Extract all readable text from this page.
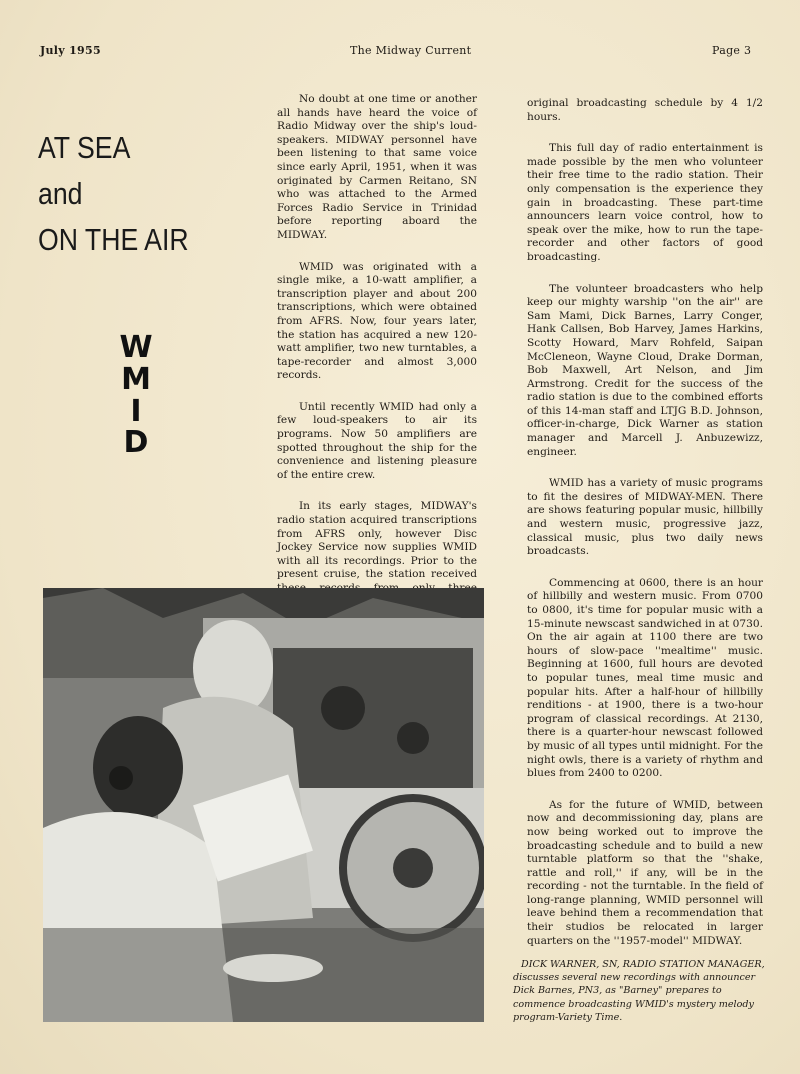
July 1955	The Midway Current	Page 3
AT SEA
and
ON THE AIR
W
M
I
D

No doubt at one time or another all hands have heard the voice of Radio Midway over the ship's loud-speakers. MIDWAY personnel have been listening to that same voice since early April, 1951, when it was originated by Carmen Reitano, SN who was attached to the Armed Forces Radio Service in Trinidad before reporting aboard the MIDWAY.

WMID was originated with a single mike, a 10-watt amplifier, a transcription player and about 200 transcriptions, which were obtained from AFRS. Now, four years later, the station has acquired a new 120-watt amplifier, two new turntables, a tape-recorder and almost 3,000 records.

Until recently WMID had only a few loud-speakers to air its programs. Now 50 amplifiers are spotted throughout the ship for the convenience and listening pleasure of the entire crew.

In its early stages, MIDWAY's radio station acquired transcriptions from AFRS only, however Disc Jockey Service now supplies WMID with all its recordings. Prior to the present cruise, the station received

original broadcasting schedule by 4 1/2 hours.

This full day of radio entertainment is made possible by the men who volunteer their free time to the radio station. Their only compensation is the experience they gain in broadcasting. These part-time announcers learn voice control, how to speak over the mike, how to run the tape-recorder and other factors of good broadcasting.

The volunteer broadcasters who help keep our mighty warship ''on the air'' are Sam Mami, Dick Barnes, Larry Conger, Hank Callsen, Bob Harvey, James Harkins, Scotty Howard, Marv Rohfeld, Saipan McCleneon, Wayne Cloud, Drake Dorman, Bob Maxwell, Art Nelson, and Jim Armstrong. Credit for the success of the radio station is due to the combined efforts of this 14-man staff and LTJG B.D. Johnson, officer-in-charge, Dick Warner as station manager and Marcell J. Anbuzewizz, engineer.

WMID has a variety of music programs to fit the desires of MIDWAY-MEN. There are shows featuring popular music, hillbilly and western music, progressive jazz, classical music, plus two daily news broadcasts.

Commencing at 0600, there is an hour of hillbilly and western music. From 0700 to 0800, it's time for popular music with a 15-minute newscast sandwiched in at 0730. On the air again at 1100 there are two hours of slow-pace ''mealtime'' music. Beginning at 1600, full hours are devoted to popular tunes, meal time music and popular hits. After a half-hour of hillbilly renditions - at 1900, there is a two-hour program of classical recordings. At 2130, there is a quarter-hour newscast followed by music of all types until midnight. For the night owls, there is a variety of rhythm and blues from 2400 to 0200.

As for the future of WMID, between now and decommissioning day, plans are now being worked out to improve the broadcasting schedule and to build a new turntable platform so that the ''shake, rattle and roll,'' if any, will be in the recording - not the turntable. In the field of long-range planning, WMID personnel will leave behind them a recommendation that their studios be relocated in larger quarters on the ''1957-model'' MIDWAY.

DICK WARNER, SN, RADIO STATION MANAGER, discusses several new recordings with announcer Dick Barnes, PN3, as "Barney" prepares to commence broadcasting WMID's mystery melody program-Variety Time.
